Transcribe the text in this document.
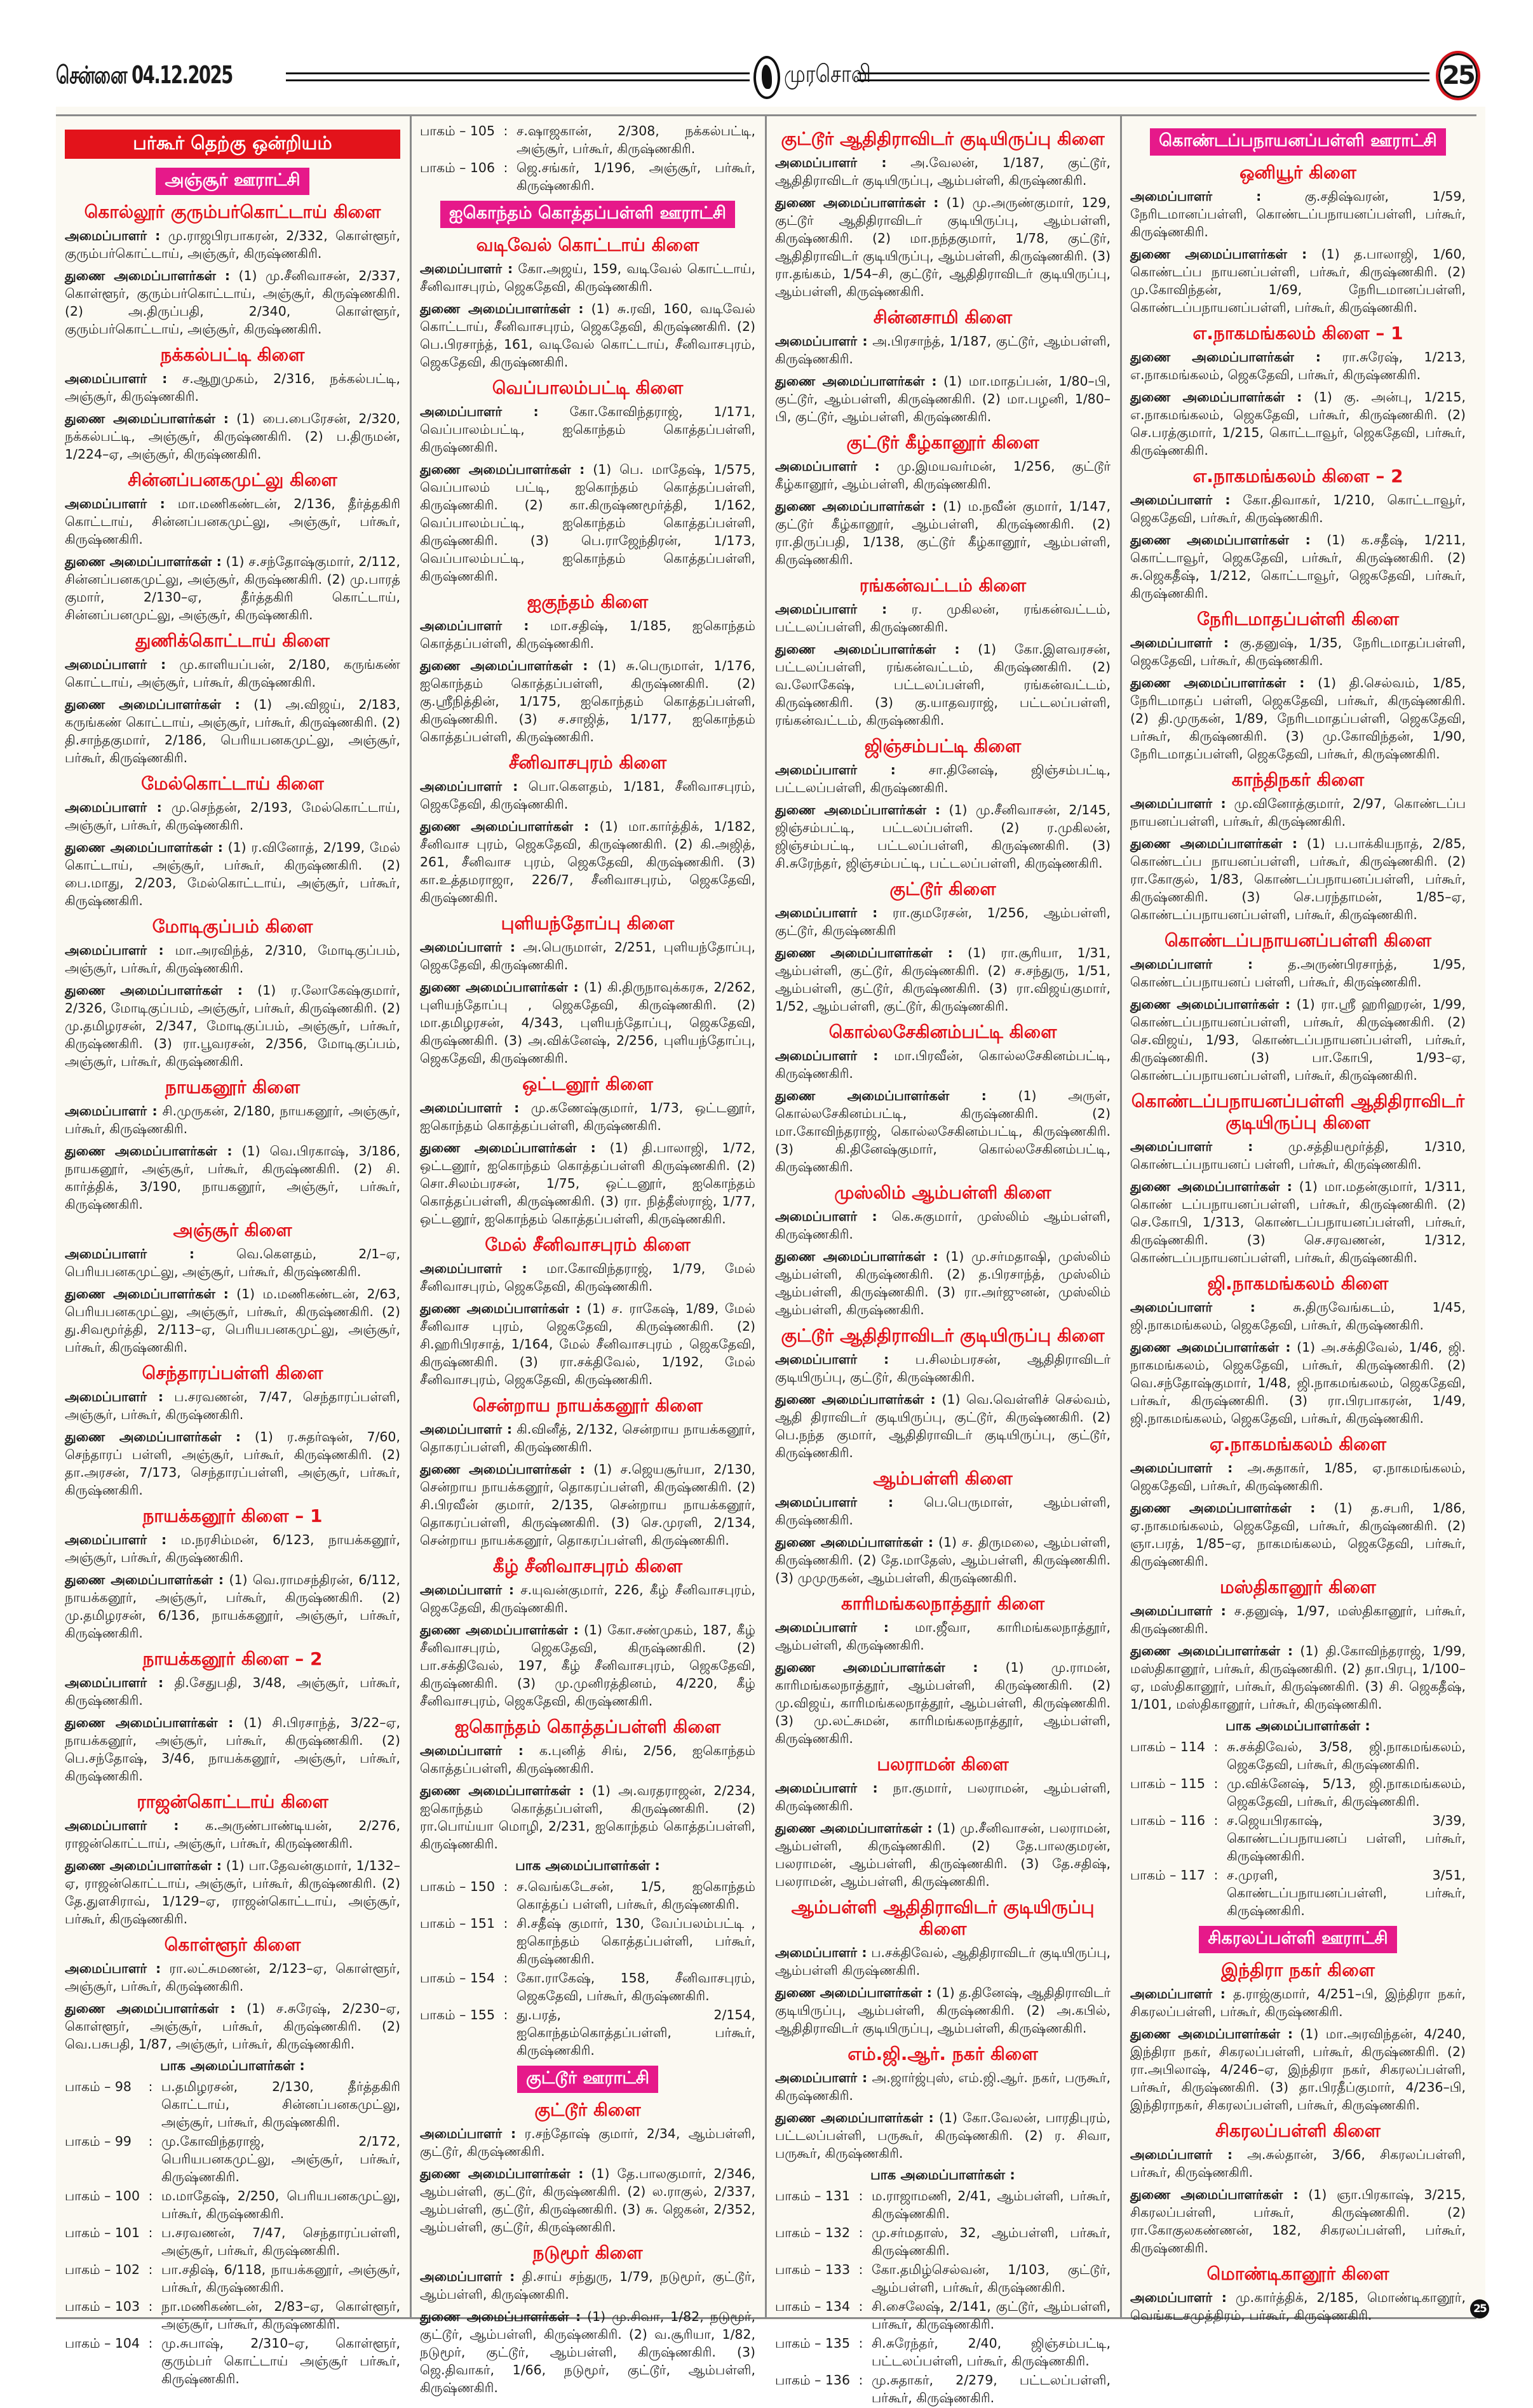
சென்னை 04.12.2025	முரசொலி	25
25
பர்கூர் தெற்கு ஒன்றியம்
அஞ்சூர் ஊராட்சி
கொல்லூர் குரும்பர்கொட்டாய் கிளை
அமைப்பாளர் : மு.ராஜபிரபாகரன், 2/332, கொள்ளூர், குரும்பர்கொட்டாய், அஞ்சூர், கிருஷ்ணகிரி.
துணை அமைப்பாளர்கள் : (1) மு.சீனிவாசன், 2/337, கொள்ளூர், குரும்பர்கொட்டாய், அஞ்சூர், கிருஷ்ணகிரி. (2) அ.திருப்பதி, 2/340, கொள்ளூர், குரும்பர்கொட்டாய், அஞ்சூர், கிருஷ்ணகிரி.
நக்கல்பட்டி கிளை
அமைப்பாளர் : ச.ஆறுமுகம், 2/316, நக்கல்பட்டி, அஞ்சூர், கிருஷ்ணகிரி.
துணை அமைப்பாளர்கள் : (1) பை.பைரேசன், 2/320, நக்கல்பட்டி, அஞ்சூர், கிருஷ்ணகிரி. (2) ப.திருமன், 1/224–ஏ, அஞ்சூர், கிருஷ்ணகிரி.
சின்னப்பனகமுட்லு கிளை
அமைப்பாளர் : மா.மணிகண்டன், 2/136, தீர்த்தகிரி கொட்டாய், சின்னப்பனகமுட்லு, அஞ்சூர், பர்கூர், கிருஷ்ணகிரி.
துணை அமைப்பாளர்கள் : (1) ச.சந்தோஷ்குமார், 2/112, சின்னப்பனகமுட்லு, அஞ்சூர், கிருஷ்ணகிரி. (2) மு.பாரத் குமார், 2/130–ஏ, தீர்த்தகிரி கொட்டாய், சின்னப்பனமுட்லு, அஞ்சூர், கிருஷ்ணகிரி.
துணிக்கொட்டாய் கிளை
அமைப்பாளர் : மு.காளியப்பன், 2/180, கருங்கண் கொட்டாய், அஞ்சூர், பர்கூர், கிருஷ்ணகிரி.
துணை அமைப்பாளர்கள் : (1) அ.விஜய், 2/183, கருங்கண் கொட்டாய், அஞ்சூர், பர்கூர், கிருஷ்ணகிரி. (2) தி.சாந்தகுமார், 2/186, பெரியபனகமுட்லு, அஞ்சூர், பர்கூர், கிருஷ்ணகிரி.
மேல்கொட்டாய் கிளை
அமைப்பாளர் : மு.செந்தன், 2/193, மேல்கொட்டாய், அஞ்சூர், பர்கூர், கிருஷ்ணகிரி.
துணை அமைப்பாளர்கள் : (1) ர.வினோத், 2/199, மேல் கொட்டாய், அஞ்சூர், பர்கூர், கிருஷ்ணகிரி. (2) பை.மாது, 2/203, மேல்கொட்டாய், அஞ்சூர், பர்கூர், கிருஷ்ணகிரி.
மோடிகுப்பம் கிளை
அமைப்பாளர் : மா.அரவிந்த், 2/310, மோடிகுப்பம், அஞ்சூர், பர்கூர், கிருஷ்ணகிரி.
துணை அமைப்பாளர்கள் : (1) ர.லோகேஷ்குமார், 2/326, மோடிகுப்பம், அஞ்சூர், பர்கூர், கிருஷ்ணகிரி. (2) மு.தமிழரசன், 2/347, மோடிகுப்பம், அஞ்சூர், பர்கூர், கிருஷ்ணகிரி. (3) ரா.பூவரசன், 2/356, மோடிகுப்பம், அஞ்சூர், பர்கூர், கிருஷ்ணகிரி.
நாயகனூர் கிளை
அமைப்பாளர் : சி.முருகன், 2/180, நாயகனூர், அஞ்சூர், பர்கூர், கிருஷ்ணகிரி.
துணை அமைப்பாளர்கள் : (1) வெ.பிரகாஷ், 3/186, நாயகனூர், அஞ்சூர், பர்கூர், கிருஷ்ணகிரி. (2) சி. கார்த்திக், 3/190, நாயகனூர், அஞ்சூர், பர்கூர், கிருஷ்ணகிரி.
அஞ்சூர் கிளை
அமைப்பாளர் :	வெ.கௌதம், 2/1–ஏ, பெரியபனகமுட்லு, அஞ்சூர், பர்கூர், கிருஷ்ணகிரி.
துணை அமைப்பாளர்கள் : (1) ம.மணிகண்டன், 2/63, பெரியபனகமுட்லு, அஞ்சூர், பர்கூர், கிருஷ்ணகிரி. (2) து.சிவமூர்த்தி, 2/113–ஏ, பெரியபனகமுட்லு, அஞ்சூர், பர்கூர், கிருஷ்ணகிரி.
செந்தாரப்பள்ளி கிளை
அமைப்பாளர் : ப.சரவணன், 7/47, செந்தாரப்பள்ளி, அஞ்சூர், பர்கூர், கிருஷ்ணகிரி.
துணை அமைப்பாளர்கள் : (1) ர.சுதர்ஷன், 7/60, செந்தாரப் பள்ளி, அஞ்சூர், பர்கூர், கிருஷ்ணகிரி. (2) தா.அரசன், 7/173, செந்தாரப்பள்ளி, அஞ்சூர், பர்கூர், கிருஷ்ணகிரி.
நாயக்கனூர் கிளை – 1
அமைப்பாளர் : ம.நரசிம்மன், 6/123, நாயக்கனூர், அஞ்சூர், பர்கூர், கிருஷ்ணகிரி.
துணை அமைப்பாளர்கள் : (1) வெ.ராமசந்திரன், 6/112, நாயக்கனூர், அஞ்சூர், பர்கூர், கிருஷ்ணகிரி. (2) மு.தமிழரசன், 6/136, நாயக்கனூர், அஞ்சூர், பர்கூர், கிருஷ்ணகிரி.
நாயக்கனூர் கிளை – 2
அமைப்பாளர் : தி.சேதுபதி, 3/48, அஞ்சூர், பர்கூர், கிருஷ்ணகிரி.
துணை அமைப்பாளர்கள் : (1) சி.பிரசாந்த், 3/22–ஏ, நாயக்கனூர், அஞ்சூர், பர்கூர், கிருஷ்ணகிரி. (2) பெ.சந்தோஷ், 3/46, நாயக்கனூர், அஞ்சூர், பர்கூர், கிருஷ்ணகிரி.
ராஜன்கொட்டாய் கிளை
அமைப்பாளர் : க.அருண்பாண்டியன், 2/276, ராஜன்கொட்டாய், அஞ்சூர், பர்கூர், கிருஷ்ணகிரி.
துணை அமைப்பாளர்கள் : (1) பா.தேவன்குமார், 1/132–ஏ, ராஜன்கொட்டாய், அஞ்சூர், பர்கூர், கிருஷ்ணகிரி. (2) தே.துளசிராவ், 1/129–ஏ, ராஜன்கொட்டாய், அஞ்சூர், பர்கூர், கிருஷ்ணகிரி.
கொள்ளூர் கிளை
அமைப்பாளர் : ரா.லட்சுமணன், 2/123–ஏ, கொள்ளூர், அஞ்சூர், பர்கூர், கிருஷ்ணகிரி.
துணை அமைப்பாளர்கள் : (1) ச.சுரேஷ், 2/230–ஏ, கொள்ளூர், அஞ்சூர், பர்கூர், கிருஷ்ணகிரி. (2) வெ.பசுபதி, 1/87, அஞ்சூர், பர்கூர், கிருஷ்ணகிரி.
பாக அமைப்பாளர்கள் :
பாகம் – 98	: ப.தமிழரசன், 2/130, தீர்த்தகிரி கொட்டாய், சின்னப்பனகமுட்லு, அஞ்சூர், பர்கூர், கிருஷ்ணகிரி.
பாகம் – 99	: மு.கோவிந்தராஜ், 2/172, பெரியபனகமுட்லு, அஞ்சூர், பர்கூர், கிருஷ்ணகிரி.
பாகம் – 100 : ம.மாதேஷ், 2/250, பெரியபனகமுட்லு, பர்கூர், கிருஷ்ணகிரி.
பாகம் – 101 : ப.சரவணன், 7/47, செந்தாரப்பள்ளி, அஞ்சூர், பர்கூர், கிருஷ்ணகிரி.
பாகம் – 102 : பா.சதிஷ், 6/118, நாயக்கனூர், அஞ்சூர், பர்கூர், கிருஷ்ணகிரி.
பாகம் – 103 : நா.மணிகண்டன், 2/83–ஏ, கொள்ளூர், அஞ்சூர், பர்கூர், கிருஷ்ணகிரி.
பாகம் – 104 : மு.சுபாஷ், 2/310–ஏ, கொள்ளூர், குரும்பர் கொட்டாய் அஞ்சூர் பர்கூர், கிருஷ்ணகிரி.
பாகம் – 105 : ச.ஷாஜகான், 2/308, நக்கல்பட்டி, அஞ்சூர், பர்கூர், கிருஷ்ணகிரி.
பாகம் – 106 : ஜெ.சங்கர், 1/196, அஞ்சூர், பர்கூர், கிருஷ்ணகிரி.
ஐகொந்தம் கொத்தப்பள்ளி ஊராட்சி
வடிவேல் கொட்டாய் கிளை
அமைப்பாளர் : கோ.அஜய், 159, வடிவேல் கொட்டாய், சீனிவாசபுரம், ஜெகதேவி, கிருஷ்ணகிரி.
துணை அமைப்பாளர்கள் : (1) சு.ரவி, 160, வடிவேல் கொட்டாய், சீனிவாசபுரம், ஜெகதேவி, கிருஷ்ணகிரி. (2) பெ.பிரசாந்த், 161, வடிவேல் கொட்டாய், சீனிவாசபுரம், ஜெகதேவி, கிருஷ்ணகிரி.
வெப்பாலம்பட்டி கிளை
அமைப்பாளர் : கோ.கோவிந்தராஜ், 1/171, வெப்பாலம்பட்டி, ஐகொந்தம் கொத்தப்பள்ளி, கிருஷ்ணகிரி.
துணை அமைப்பாளர்கள் : (1) பெ. மாதேஷ், 1/575, வெப்பாலம் பட்டி, ஐகொந்தம் கொத்தப்பள்ளி, கிருஷ்ணகிரி. (2) கா.கிருஷ்ணமூர்த்தி, 1/162, வெப்பாலம்பட்டி, ஐகொந்தம் கொத்தப்பள்ளி, கிருஷ்ணகிரி. (3) பெ.ராஜேந்திரன், 1/173, வெப்பாலம்பட்டி, ஐகொந்தம் கொத்தப்பள்ளி, கிருஷ்ணகிரி.
ஐகுந்தம் கிளை
அமைப்பாளர் : மா.சதிஷ், 1/185, ஐகொந்தம் கொத்தப்பள்ளி, கிருஷ்ணகிரி.
துணை அமைப்பாளர்கள் : (1) சு.பெருமாள், 1/176, ஐகொந்தம் கொத்தப்பள்ளி, கிருஷ்ணகிரி. (2) கு.ஸ்ரீநித்தின், 1/175, ஐகொந்தம் கொத்தப்பள்ளி, கிருஷ்ணகிரி. (3) ச.சாஜித், 1/177, ஐகொந்தம் கொத்தப்பள்ளி, கிருஷ்ணகிரி.
சீனிவாசபுரம் கிளை
அமைப்பாளர் : பொ.கௌதம், 1/181, சீனிவாசபுரம், ஜெகதேவி, கிருஷ்ணகிரி.
துணை அமைப்பாளர்கள் : (1) மா.கார்த்திக், 1/182, சீனிவாச புரம், ஜெகதேவி, கிருஷ்ணகிரி. (2) கி.அஜித், 261, சீனிவாச புரம், ஜெகதேவி, கிருஷ்ணகிரி. (3) கா.உத்தமராஜா, 226/7, சீனிவாசபுரம், ஜெகதேவி, கிருஷ்ணகிரி.
புளியந்தோப்பு கிளை
அமைப்பாளர் : அ.பெருமாள், 2/251, புளியந்தோப்பு, ஜெகதேவி, கிருஷ்ணகிரி.
துணை அமைப்பாளர்கள் : (1) கி.திருநாவுக்கரசு, 2/262, புளியந்தோப்பு , ஜெகதேவி, கிருஷ்ணகிரி. (2) மா.தமிழரசன், 4/343, புளியந்தோப்பு, ஜெகதேவி, கிருஷ்ணகிரி. (3) அ.விக்னேஷ், 2/256, புளியந்தோப்பு, ஜெகதேவி, கிருஷ்ணகிரி.
ஒட்டனூர் கிளை
அமைப்பாளர் : மு.கணேஷ்குமார், 1/73, ஒட்டனூர், ஐகொந்தம் கொத்தப்பள்ளி, கிருஷ்ணகிரி.
துணை அமைப்பாளர்கள் : (1) தி.பாலாஜி, 1/72, ஒட்டனூர், ஐகொந்தம் கொத்தப்பள்ளி கிருஷ்ணகிரி. (2) சொ.சிலம்பரசன், 1/75, ஒட்டனூர், ஐகொந்தம் கொத்தப்பள்ளி, கிருஷ்ணகிரி. (3) ரா. நித்தீஸ்ராஜ், 1/77, ஒட்டனூர், ஐகொந்தம் கொத்தப்பள்ளி, கிருஷ்ணகிரி.
மேல் சீனிவாசபுரம் கிளை
அமைப்பாளர் : மா.கோவிந்தராஜ், 1/79, மேல் சீனிவாசபுரம், ஜெகதேவி, கிருஷ்ணகிரி.
துணை அமைப்பாளர்கள் : (1) ச. ராகேஷ், 1/89, மேல் சீனிவாச புரம், ஜெகதேவி, கிருஷ்ணகிரி. (2) சி.ஹரிபிரசாத், 1/164, மேல் சீனிவாசபுரம் , ஜெகதேவி, கிருஷ்ணகிரி. (3) ரா.சக்திவேல், 1/192, மேல் சீனிவாசபுரம், ஜெகதேவி, கிருஷ்ணகிரி.
சென்றாய நாயக்கனூர் கிளை
அமைப்பாளர் : கி.வினீத், 2/132, சென்றாய நாயக்கனூர், தொகரப்பள்ளி, கிருஷ்ணகிரி.
துணை அமைப்பாளர்கள் : (1) ச.ஜெயசூர்யா, 2/130, சென்றாய நாயக்கனூர், தொகரப்பள்ளி, கிருஷ்ணகிரி. (2) சி.பிரவீன் குமார், 2/135, சென்றாய நாயக்கனூர், தொகரப்பள்ளி, கிருஷ்ணகிரி. (3) செ.முரளி, 2/134, சென்றாய நாயக்கனூர், தொகரப்பள்ளி, கிருஷ்ணகிரி.
கீழ் சீனிவாசபுரம் கிளை
அமைப்பாளர் : ச.யுவன்குமார், 226, கீழ் சீனிவாசபுரம், ஜெகதேவி, கிருஷ்ணகிரி.
துணை அமைப்பாளர்கள் : (1) கோ.சண்முகம், 187, கீழ் சீனிவாசபுரம், ஜெகதேவி, கிருஷ்ணகிரி. (2) பா.சக்திவேல், 197, கீழ் சீனிவாசபுரம், ஜெகதேவி, கிருஷ்ணகிரி. (3) மு.முனிரத்தினம், 4/220, கீழ் சீனிவாசபுரம், ஜெகதேவி, கிருஷ்ணகிரி.
ஐகொந்தம் கொத்தப்பள்ளி கிளை
அமைப்பாளர் : க.புனித் சிங், 2/56, ஐகொந்தம் கொத்தப்பள்ளி, கிருஷ்ணகிரி.
துணை அமைப்பாளர்கள் : (1) அ.வரதராஜன், 2/234, ஐகொந்தம் கொத்தப்பள்ளி, கிருஷ்ணகிரி. (2) ரா.பொய்யா மொழி, 2/231, ஐகொந்தம் கொத்தப்பள்ளி, கிருஷ்ணகிரி.
பாக அமைப்பாளர்கள் :
பாகம் – 150 : ச.வெங்கடேசன், 1/5, ஐகொந்தம் கொத்தப் பள்ளி, பர்கூர், கிருஷ்ணகிரி.
பாகம் – 151 : சி.சதீஷ் குமார், 130, வேப்பலம்பட்டி , ஐகொந்தம் கொத்தப்பள்ளி, பர்கூர், கிருஷ்ணகிரி.
பாகம் – 154 : கோ.ராகேஷ், 158, சீனிவாசபுரம், ஜெகதேவி, பர்கூர், கிருஷ்ணகிரி.
பாகம் – 155 : து.பரத், 2/154, ஐகொந்தம்கொத்தப்பள்ளி, பர்கூர், கிருஷ்ணகிரி.
குட்டூர் ஊராட்சி
குட்டூர் கிளை
அமைப்பாளர் : ர.சந்தோஷ் குமார், 2/34, ஆம்பள்ளி, குட்டூர், கிருஷ்ணகிரி.
துணை அமைப்பாளர்கள் : (1) தே.பாலகுமார், 2/346, ஆம்பள்ளி, குட்டூர், கிருஷ்ணகிரி. (2) ல.ராகுல், 2/337, ஆம்பள்ளி, குட்டூர், கிருஷ்ணகிரி. (3) சு. ஜெகன், 2/352, ஆம்பள்ளி, குட்டூர், கிருஷ்ணகிரி.
நடுமூர் கிளை
அமைப்பாளர் : தி.சாய் சந்துரு, 1/79, நடுமூர், குட்டூர், ஆம்பள்ளி, கிருஷ்ணகிரி.
துணை அமைப்பாளர்கள் : (1) மு.சிவா, 1/82, நடுமூர், குட்டூர், ஆம்பள்ளி, கிருஷ்ணகிரி. (2) வ.சூரியா, 1/82, நடுமூர், குட்டூர், ஆம்பள்ளி, கிருஷ்ணகிரி. (3) ஜெ.திவாகர், 1/66, நடுமூர், குட்டூர், ஆம்பள்ளி, கிருஷ்ணகிரி.
குட்டூர் ஆதிதிராவிடர் குடியிருப்பு கிளை
அமைப்பாளர் : அ.வேலன், 1/187, குட்டூர், ஆதிதிராவிடர் குடியிருப்பு, ஆம்பள்ளி, கிருஷ்ணகிரி.
துணை அமைப்பாளர்கள் : (1) மு.அருண்குமார், 129, குட்டூர் ஆதிதிராவிடர் குடியிருப்பு, ஆம்பள்ளி, கிருஷ்ணகிரி. (2) மா.நந்தகுமார், 1/78, குட்டூர், ஆதிதிராவிடர் குடியிருப்பு, ஆம்பள்ளி, கிருஷ்ணகிரி. (3) ரா.தங்கம், 1/54–சி, குட்டூர், ஆதிதிராவிடர் குடியிருப்பு, ஆம்பள்ளி, கிருஷ்ணகிரி.
சின்னசாமி கிளை
அமைப்பாளர் : அ.பிரசாந்த், 1/187, குட்டூர், ஆம்பள்ளி, கிருஷ்ணகிரி.
துணை அமைப்பாளர்கள் : (1) மா.மாதப்பன், 1/80–பி, குட்டூர், ஆம்பள்ளி, கிருஷ்ணகிரி. (2) மா.பழனி, 1/80–பி, குட்டூர், ஆம்பள்ளி, கிருஷ்ணகிரி.
குட்டூர் கீழ்கானூர் கிளை
அமைப்பாளர் : மு.இமயவர்மன், 1/256, குட்டூர் கீழ்கானூர், ஆம்பள்ளி, கிருஷ்ணகிரி.
துணை அமைப்பாளர்கள் : (1) ம.நவீன் குமார், 1/147, குட்டூர் கீழ்கானூர், ஆம்பள்ளி, கிருஷ்ணகிரி. (2) ரா.திருப்பதி, 1/138, குட்டூர் கீழ்கானூர், ஆம்பள்ளி, கிருஷ்ணகிரி.
ரங்கன்வட்டம் கிளை
அமைப்பாளர் : ர. முகிலன், ரங்கன்வட்டம், பட்டலப்பள்ளி, கிருஷ்ணகிரி.
துணை அமைப்பாளர்கள் : (1) கோ.இளவரசன், பட்டலப்பள்ளி, ரங்கன்வட்டம், கிருஷ்ணகிரி. (2) வ.லோகேஷ், பட்டலப்பள்ளி, ரங்கன்வட்டம், கிருஷ்ணகிரி. (3) கு.யாதவராஜ், பட்டலப்பள்ளி, ரங்கன்வட்டம், கிருஷ்ணகிரி.
ஜிஞ்சம்பட்டி கிளை
அமைப்பாளர் :	சா.தினேஷ், ஜிஞ்சம்பட்டி, பட்டலப்பள்ளி, கிருஷ்ணகிரி.
துணை அமைப்பாளர்கள் : (1) மு.சீனிவாசன், 2/145, ஜிஞ்சம்பட்டி, பட்டலப்பள்ளி. (2) ர.முகிலன், ஜிஞ்சம்பட்டி, பட்டலப்பள்ளி, கிருஷ்ணகிரி. (3) சி.சுரேந்தர், ஜிஞ்சம்பட்டி, பட்டலப்பள்ளி, கிருஷ்ணகிரி.
குட்டூர் கிளை
அமைப்பாளர் : ரா.குமரேசன், 1/256, ஆம்பள்ளி, குட்டூர், கிருஷ்ணகிரி
துணை அமைப்பாளர்கள் : (1) ரா.சூரியா, 1/31, ஆம்பள்ளி, குட்டூர், கிருஷ்ணகிரி. (2) ச.சந்துரு, 1/51, ஆம்பள்ளி, குட்டூர், கிருஷ்ணகிரி. (3) ரா.விஜய்குமார், 1/52, ஆம்பள்ளி, குட்டூர், கிருஷ்ணகிரி.
கொல்லசேகினம்பட்டி கிளை
அமைப்பாளர் : மா.பிரவீன், கொல்லசேகினம்பட்டி, கிருஷ்ணகிரி.
துணை அமைப்பாளர்கள் : (1) அருள், கொல்லசேகினம்பட்டி, கிருஷ்ணகிரி. (2) மா.கோவிந்தராஜ், கொல்லசேகினம்பட்டி, கிருஷ்ணகிரி. (3) கி.தினேஷ்குமார், கொல்லசேகினம்பட்டி, கிருஷ்ணகிரி.
முஸ்லிம் ஆம்பள்ளி கிளை
அமைப்பாளர் : கெ.சுகுமார், முஸ்லிம் ஆம்பள்ளி, கிருஷ்ணகிரி.
துணை அமைப்பாளர்கள் : (1) மு.சர்மதாஷி, முஸ்லிம் ஆம்பள்ளி, கிருஷ்ணகிரி. (2) த.பிரசாந்த், முஸ்லிம் ஆம்பள்ளி, கிருஷ்ணகிரி. (3) ரா.அர்ஜுனன், முஸ்லிம் ஆம்பள்ளி, கிருஷ்ணகிரி.
குட்டூர் ஆதிதிராவிடர் குடியிருப்பு கிளை
அமைப்பாளர் : ப.சிலம்பரசன், ஆதிதிராவிடர் குடியிருப்பு, குட்டூர், கிருஷ்ணகிரி.
துணை அமைப்பாளர்கள் : (1) வெ.வெள்ளிச் செல்வம், ஆதி திராவிடர் குடியிருப்பு, குட்டூர், கிருஷ்ணகிரி. (2) பெ.நந்த குமார், ஆதிதிராவிடர் குடியிருப்பு, குட்டூர், கிருஷ்ணகிரி.
ஆம்பள்ளி கிளை
அமைப்பாளர் : பெ.பெருமாள், ஆம்பள்ளி, கிருஷ்ணகிரி.
துணை அமைப்பாளர்கள் : (1) ச. திருமலை, ஆம்பள்ளி, கிருஷ்ணகிரி. (2) தே.மாதேஸ், ஆம்பள்ளி, கிருஷ்ணகிரி. (3) முமுருகன், ஆம்பள்ளி, கிருஷ்ணகிரி.
காரிமங்கலநாத்தூர் கிளை
அமைப்பாளர் : மா.ஜீவா, காரிமங்கலநாத்தூர், ஆம்பள்ளி, கிருஷ்ணகிரி.
துணை அமைப்பாளர்கள் : (1) மு.ராமன், காரிமங்கலநாத்தூர், ஆம்பள்ளி, கிருஷ்ணகிரி. (2) மு.விஜய், காரிமங்கலநாத்தூர், ஆம்பள்ளி, கிருஷ்ணகிரி. (3) மு.லட்சுமன், காரிமங்கலநாத்தூர், ஆம்பள்ளி, கிருஷ்ணகிரி.
பலராமன் கிளை
அமைப்பாளர் : நா.குமார், பலராமன், ஆம்பள்ளி, கிருஷ்ணகிரி.
துணை அமைப்பாளர்கள் : (1) மு.சீனிவாசன், பலராமன், ஆம்பள்ளி, கிருஷ்ணகிரி. (2) தே.பாலகுமரன், பலராமன், ஆம்பள்ளி, கிருஷ்ணகிரி. (3) தே.சதிஷ், பலராமன், ஆம்பள்ளி, கிருஷ்ணகிரி.
ஆம்பள்ளி ஆதிதிராவிடர் குடியிருப்பு கிளை
அமைப்பாளர் : ப.சக்திவேல், ஆதிதிராவிடர் குடியிருப்பு, ஆம்பள்ளி கிருஷ்ணகிரி.
துணை அமைப்பாளர்கள் : (1) த.தினேஷ், ஆதிதிராவிடர் குடியிருப்பு, ஆம்பள்ளி, கிருஷ்ணகிரி. (2) அ.கபில், ஆதிதிராவிடர் குடியிருப்பு, ஆம்பள்ளி, கிருஷ்ணகிரி.
எம்.ஜி.ஆர். நகர் கிளை
அமைப்பாளர் : அ.ஜார்ஜ்புஸ், எம்.ஜி.ஆர். நகர், பருகூர், கிருஷ்ணகிரி.
துணை அமைப்பாளர்கள் : (1) கோ.வேலன், பாரதிபுரம், பட்டலப்பள்ளி, பருகூர், கிருஷ்ணகிரி. (2) ர. சிவா, பருகூர், கிருஷ்ணகிரி.
பாக அமைப்பாளர்கள் :
பாகம் – 131 : ம.ராஜாமணி, 2/41, ஆம்பள்ளி, பர்கூர், கிருஷ்ணகிரி.
பாகம் – 132 : மு.சர்மதாஸ், 32, ஆம்பள்ளி, பர்கூர், கிருஷ்ணகிரி.
பாகம் – 133 : கோ.தமிழ்செல்வன், 1/103, குட்டூர், ஆம்பள்ளி, பர்கூர், கிருஷ்ணகிரி.
பாகம் – 134 : சி.சைலேஷ், 2/141, குட்டூர், ஆம்பள்ளி, பர்கூர், கிருஷ்ணகிரி.
பாகம் – 135 : சி.சுரேந்தர், 2/40, ஜிஞ்சம்பட்டி, பட்டலப்பள்ளி, பர்கூர், கிருஷ்ணகிரி.
பாகம் – 136 : மு.சுதாகர், 2/279, பட்டலப்பள்ளி, பர்கூர், கிருஷ்ணகிரி.
கொண்டப்பநாயனப்பள்ளி ஊராட்சி
ஒனியூர் கிளை
அமைப்பாளர் :	கு.சதிஷ்வரன், 1/59, நேரிடமானப்பள்ளி, கொண்டப்பநாயனப்பள்ளி, பர்கூர், கிருஷ்ணகிரி.
துணை அமைப்பாளர்கள் : (1) த.பாலாஜி, 1/60, கொண்டப்ப நாயனப்பள்ளி, பர்கூர், கிருஷ்ணகிரி. (2) மு.கோவிந்தன், 1/69, நேரிடமானப்பள்ளி, கொண்டப்பநாயனப்பள்ளி, பர்கூர், கிருஷ்ணகிரி.
எ.நாகமங்கலம் கிளை – 1
துணை அமைப்பாளர்கள் : ரா.சுரேஷ், 1/213, எ.நாகமங்கலம், ஜெகதேவி, பர்கூர், கிருஷ்ணகிரி.
துணை அமைப்பாளர்கள் : (1) கு. அன்பு, 1/215, எ.நாகமங்கலம், ஜெகதேவி, பர்கூர், கிருஷ்ணகிரி. (2) செ.பரத்குமார், 1/215, கொட்டாவூர், ஜெகதேவி, பர்கூர், கிருஷ்ணகிரி.
எ.நாகமங்கலம் கிளை – 2
அமைப்பாளர் : கோ.திவாகர், 1/210, கொட்டாவூர், ஜெகதேவி, பர்கூர், கிருஷ்ணகிரி.
துணை அமைப்பாளர்கள் : (1) க.சதீஷ், 1/211, கொட்டாவூர், ஜெகதேவி, பர்கூர், கிருஷ்ணகிரி. (2) சு.ஜெகதீஷ், 1/212, கொட்டாவூர், ஜெகதேவி, பர்கூர், கிருஷ்ணகிரி.
நேரிடமாதப்பள்ளி கிளை
அமைப்பாளர் : கு.தனுஷ், 1/35, நேரிடமாதப்பள்ளி, ஜெகதேவி, பர்கூர், கிருஷ்ணகிரி.
துணை அமைப்பாளர்கள் : (1) தி.செல்வம், 1/85, நேரிடமாதப் பள்ளி, ஜெகதேவி, பர்கூர், கிருஷ்ணகிரி. (2) தி.முருகன், 1/89, நேரிடமாதப்பள்ளி, ஜெகதேவி, பர்கூர், கிருஷ்ணகிரி. (3) மு.கோவிந்தன், 1/90, நேரிடமாதப்பள்ளி, ஜெகதேவி, பர்கூர், கிருஷ்ணகிரி.
காந்திநகர் கிளை
அமைப்பாளர் : மு.வினோத்குமார், 2/97, கொண்டப்ப நாயனப்பள்ளி, பர்கூர், கிருஷ்ணகிரி.
துணை அமைப்பாளர்கள் : (1) ப.பாக்கியநாத், 2/85, கொண்டப்ப நாயனப்பள்ளி, பர்கூர், கிருஷ்ணகிரி. (2) ரா.கோகுல், 1/83, கொண்டப்பநாயனப்பள்ளி, பர்கூர், கிருஷ்ணகிரி. (3) செ.பரந்தாமன், 1/85–ஏ, கொண்டப்பநாயனப்பள்ளி, பர்கூர், கிருஷ்ணகிரி.
கொண்டப்பநாயனப்பள்ளி கிளை
அமைப்பாளர் :	த.அருண்பிரசாந்த், 1/95, கொண்டப்பநாயனப் பள்ளி, பர்கூர், கிருஷ்ணகிரி.
துணை அமைப்பாளர்கள் : (1) ரா.ஸ்ரீ ஹரிஹரன், 1/99, கொண்டப்பநாயனப்பள்ளி, பர்கூர், கிருஷ்ணகிரி. (2) செ.விஜய், 1/93, கொண்டப்பநாயனப்பள்ளி, பர்கூர், கிருஷ்ணகிரி. (3) பா.கோபி, 1/93–ஏ, கொண்டப்பநாயனப்பள்ளி, பர்கூர், கிருஷ்ணகிரி.
கொண்டப்பநாயனப்பள்ளி ஆதிதிராவிடர் குடியிருப்பு கிளை
அமைப்பாளர் :	மு.சத்தியமூர்த்தி, 1/310, கொண்டப்பநாயனப் பள்ளி, பர்கூர், கிருஷ்ணகிரி.
துணை அமைப்பாளர்கள் : (1) மா.மதன்குமார், 1/311, கொண் டப்பநாயனப்பள்ளி, பர்கூர், கிருஷ்ணகிரி. (2) செ.கோபி, 1/313, கொண்டப்பநாயனப்பள்ளி, பர்கூர், கிருஷ்ணகிரி. (3) செ.சரவணன், 1/312, கொண்டப்பநாயனப்பள்ளி, பர்கூர், கிருஷ்ணகிரி.
ஜி.நாகமங்கலம் கிளை
அமைப்பாளர் :	சு.திருவேங்கடம், 1/45, ஜி.நாகமங்கலம், ஜெகதேவி, பர்கூர், கிருஷ்ணகிரி.
துணை அமைப்பாளர்கள் : (1) அ.சக்திவேல், 1/46, ஜி. நாகமங்கலம், ஜெகதேவி, பர்கூர், கிருஷ்ணகிரி. (2) வெ.சந்தோஷ்குமார், 1/48, ஜி.நாகமங்கலம், ஜெகதேவி, பர்கூர், கிருஷ்ணகிரி. (3) ரா.பிரபாகரன், 1/49, ஜி.நாகமங்கலம், ஜெகதேவி, பர்கூர், கிருஷ்ணகிரி.
ஏ.நாகமங்கலம் கிளை
அமைப்பாளர் : அ.சுதாகர், 1/85, ஏ.நாகமங்கலம், ஜெகதேவி, பர்கூர், கிருஷ்ணகிரி.
துணை அமைப்பாளர்கள் : (1) த.சபரி, 1/86, ஏ.நாகமங்கலம், ஜெகதேவி, பர்கூர், கிருஷ்ணகிரி. (2) ஞா.பரத், 1/85–ஏ, நாகமங்கலம், ஜெகதேவி, பர்கூர், கிருஷ்ணகிரி.
மஸ்திகானூர் கிளை
அமைப்பாளர் : ச.தனுஷ், 1/97, மஸ்திகானூர், பர்கூர், கிருஷ்ணகிரி.
துணை அமைப்பாளர்கள் : (1) தி.கோவிந்தராஜ், 1/99, மஸ்திகானூர், பர்கூர், கிருஷ்ணகிரி. (2) தா.பிரபு, 1/100–ஏ, மஸ்திகானூர், பர்கூர், கிருஷ்ணகிரி. (3) சி. ஜெகதீஷ், 1/101, மஸ்திகானூர், பர்கூர், கிருஷ்ணகிரி.
பாக அமைப்பாளர்கள் :
பாகம் – 114 : சு.சக்திவேல், 3/58, ஜி.நாகமங்கலம், ஜெகதேவி, பர்கூர், கிருஷ்ணகிரி.
பாகம் – 115 : மு.விக்னேஷ், 5/13, ஜி.நாகமங்கலம், ஜெகதேவி, பர்கூர், கிருஷ்ணகிரி.
பாகம் – 116 : ச.ஜெயபிரகாஷ், 3/39, கொண்டப்பநாயனப் பள்ளி, பர்கூர், கிருஷ்ணகிரி.
பாகம் – 117 : ச.முரளி, 3/51, கொண்டப்பநாயனப்பள்ளி, பர்கூர், கிருஷ்ணகிரி.
சிகரலப்பள்ளி ஊராட்சி
இந்திரா நகர் கிளை
அமைப்பாளர் : த.ராஜ்குமார், 4/251–பி, இந்திரா நகர், சிகரலப்பள்ளி, பர்கூர், கிருஷ்ணகிரி.
துணை அமைப்பாளர்கள் : (1) மா.அரவிந்தன், 4/240, இந்திரா நகர், சிகரலப்பள்ளி, பர்கூர், கிருஷ்ணகிரி. (2) ரா.அபிலாஷ், 4/246–ஏ, இந்திரா நகர், சிகரலப்பள்ளி, பர்கூர், கிருஷ்ணகிரி. (3) தா.பிரதீப்குமார், 4/236–பி, இந்திராநகர், சிகரலப்பள்ளி, பர்கூர், கிருஷ்ணகிரி.
சிகரலப்பள்ளி கிளை
அமைப்பாளர் : அ.சுல்தான், 3/66, சிகரலப்பள்ளி, பர்கூர், கிருஷ்ணகிரி.
துணை அமைப்பாளர்கள் : (1) ஞா.பிரகாஷ், 3/215, சிகரலப்பள்ளி, பர்கூர், கிருஷ்ணகிரி. (2) ரா.கோகுலகண்ணன், 182, சிகரலப்பள்ளி, பர்கூர், கிருஷ்ணகிரி.
மொண்டிகானூர் கிளை
அமைப்பாளர் : மு.கார்த்திக், 2/185, மொண்டிகானூர், வெங்கடசமுத்திரம், பர்கூர், கிருஷ்ணகிரி.
